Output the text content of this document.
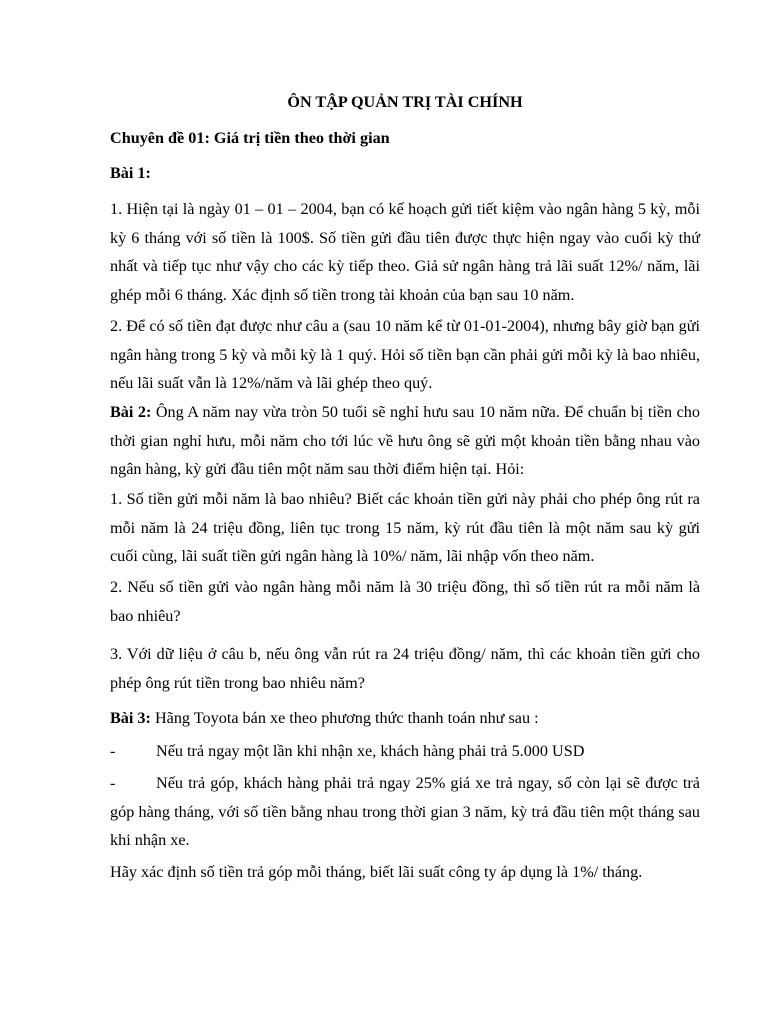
ÔN TẬP QUẢN TRỊ TÀI CHÍNH

Chuyên đề 01: Giá trị tiền theo thời gian

Bài 1:

1. Hiện tại là ngày 01 – 01 – 2004, bạn có kế hoạch gửi tiết kiệm vào ngân hàng 5 kỳ, mỗi kỳ 6 tháng với số tiền là 100$. Số tiền gửi đầu tiên được thực hiện ngay vào cuối kỳ thứ nhất và tiếp tục như vậy cho các kỳ tiếp theo. Giả sử ngân hàng trả lãi suất 12%/ năm, lãi ghép mỗi 6 tháng. Xác định số tiền trong tài khoản của bạn sau 10 năm.

2. Để có số tiền đạt được như câu a (sau 10 năm kể từ 01-01-2004), nhưng bây giờ bạn gửi ngân hàng trong 5 kỳ và mỗi kỳ là 1 quý. Hỏi số tiền bạn cần phải gửi mỗi kỳ là bao nhiêu, nếu lãi suất vẫn là 12%/năm và lãi ghép theo quý.

Bài 2: Ông A năm nay vừa tròn 50 tuổi sẽ nghỉ hưu sau 10 năm nữa. Để chuẩn bị tiền cho thời gian nghỉ hưu, mỗi năm cho tới lúc về hưu ông sẽ gửi một khoản tiền bằng nhau vào ngân hàng, kỳ gửi đầu tiên một năm sau thời điểm hiện tại. Hỏi:

1. Số tiền gửi mỗi năm là bao nhiêu? Biết các khoản tiền gửi này phải cho phép ông rút ra mỗi năm là 24 triệu đồng, liên tục trong 15 năm, kỳ rút đầu tiên là một năm sau kỳ gửi cuối cùng, lãi suất tiền gửi ngân hàng là 10%/ năm, lãi nhập vốn theo năm.

2. Nếu số tiền gửi vào ngân hàng mỗi năm là 30 triệu đồng, thì số tiền rút ra mỗi năm là bao nhiêu?

3. Với dữ liệu ở câu b, nếu ông vẫn rút ra 24 triệu đồng/ năm, thì các khoản tiền gửi cho phép ông rút tiền trong bao nhiêu năm?

Bài 3: Hãng Toyota bán xe theo phương thức thanh toán như sau :

-	Nếu trả ngay một lần khi nhận xe, khách hàng phải trả 5.000 USD
-	Nếu trả góp, khách hàng phải trả ngay 25% giá xe trả ngay, số còn lại sẽ được trả góp hàng tháng, với số tiền bằng nhau trong thời gian 3 năm, kỳ trả đầu tiên một tháng sau khi nhận xe.

Hãy xác định số tiền trả góp mỗi tháng, biết lãi suất công ty áp dụng là 1%/ tháng.
